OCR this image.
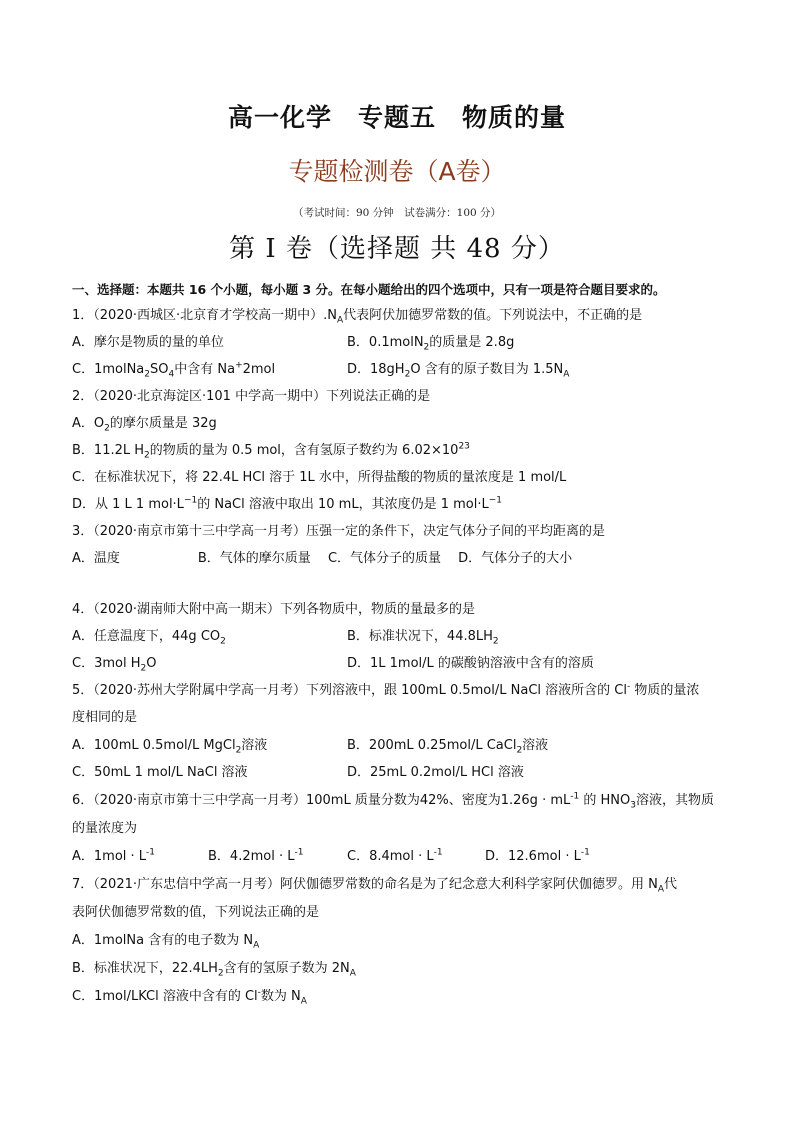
高一化学　专题五　物质的量
专题检测卷（A卷）
（考试时间：90 分钟　试卷满分：100 分）
第 I 卷（选择题 共 48 分）
一、选择题：本题共 16 个小题，每小题 3 分。在每小题给出的四个选项中，只有一项是符合题目要求的。
1．（2020·西城区·北京育才学校高一期中）$.N_A$代表阿伏加德罗常数的值。下列说法中，不正确的是
A．摩尔是物质的量的单位	B．0.1molN$_2$的质量是 2.8g
C．$1molNa_2SO_4$中含有 Na+2mol	D．$18gH_2O$ 含有的原子数目为 $1.5N_A$
2．（2020·北京海淀区·101 中学高一期中）下列说法正确的是
A．$O_2$的摩尔质量是 32g
B．11.2L $H_2$的物质的量为 0.5 mol，含有氢原子数约为 $6.02\times 10^{23}$
C．在标准状况下，将 22.4L HCl 溶于 1L 水中，所得盐酸的物质的量浓度是 1 mol/L
D．从 1 L 1 $mol\cdot L^{-1}$的 NaCl 溶液中取出 10 mL，其浓度仍是 1 $mol\cdot L^{-1}$
3．（2020·南京市第十三中学高一月考）压强一定的条件下，决定气体分子间的平均距离的是
A．温度　　　　　　B．气体的摩尔质量　 C．气体分子的质量　 D．气体分子的大小
4．（2020·湖南师大附中高一期末）下列各物质中，物质的量最多的是
A．任意温度下，44g $CO_2$	B．标准状况下，$44.8LH_2$
C．3mol $H_2O$	D．1L 1mol/L 的碳酸钠溶液中含有的溶质
5．（2020·苏州大学附属中学高一月考）下列溶液中，跟 100mL 0.5mol/L NaCl 溶液所含的 Cl- 物质的量浓
度相同的是
A．100mL 0.5mol/L MgCl$_2$溶液	B．200mL 0.25mol/L CaCl$_2$溶液
C．50mL 1 mol/L NaCl 溶液	D．25mL 0.2mol/L HCl 溶液
6．（2020·南京市第十三中学高一月考）100mL 质量分数为42%、密度为$1.26g \cdot mL^{-1}$ 的 $HNO_3$溶液，其物质
的量浓度为
A．$1mol \cdot L^{-1}$	B．$4.2mol \cdot L^{-1}$	C．$8.4mol \cdot L^{-1}$	D．$12.6mol \cdot L^{-1}$
7．（2021·广东忠信中学高一月考）阿伏伽德罗常数的命名是为了纪念意大利科学家阿伏伽德罗。用 $N_A$代
表阿伏伽德罗常数的值，下列说法正确的是
A．1molNa 含有的电子数为 $N_A$
B．标准状况下，$22.4LH_2$含有的氢原子数为 $2N_A$
C．1mol/LKCl 溶液中含有的 Cl-数为 $N_A$
